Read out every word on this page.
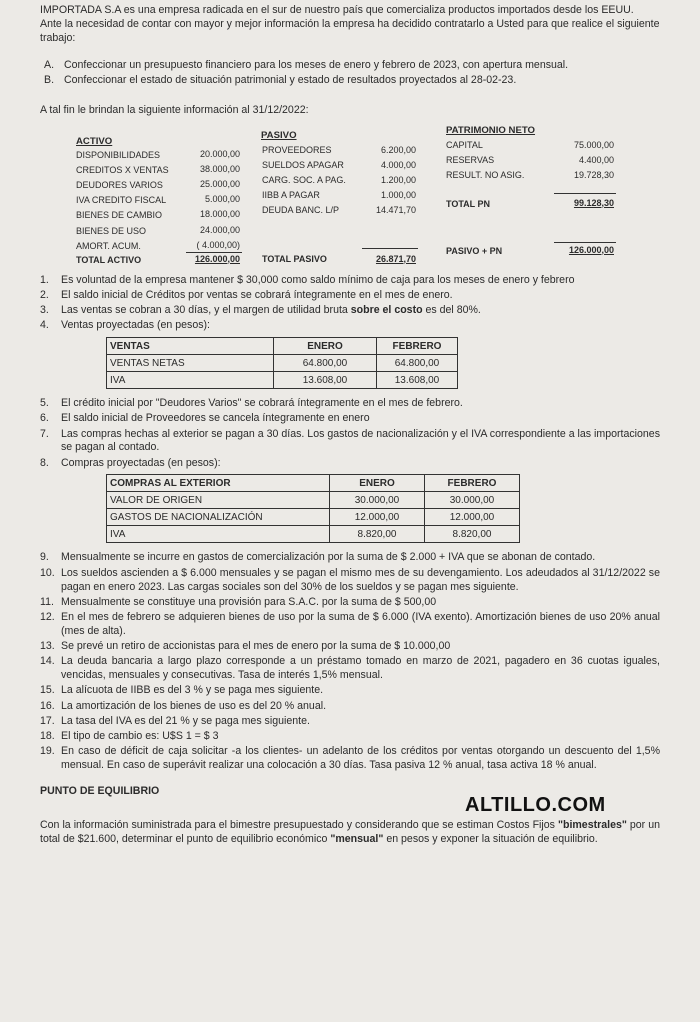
IMPORTADA S.A es una empresa radicada en el sur de nuestro país que comercializa productos importados desde los EEUU.

Ante la necesidad de contar con mayor y mejor información la empresa ha decidido contratarlo a Usted para que realice el siguiente trabajo:

A. Confeccionar un presupuesto financiero para los meses de enero y febrero de 2023, con apertura mensual.
B. Confeccionar el estado de situación patrimonial y estado de resultados proyectados al 28-02-23.

A tal fin le brindan la siguiente información al 31/12/2022:

ACTIVO
PASIVO	PATRIMONIO NETO
DISPONIBILIDADES	20.000,00
CREDITOS X VENTAS	38.000,00
DEUDORES VARIOS	25.000,00
IVA CREDITO FISCAL	5.000,00
BIENES DE CAMBIO	18.000,00
BIENES DE USO	24.000,00
AMORT. ACUM.	( 4.000,00)
TOTAL ACTIVO	126.000,00
PROVEEDORES	6.200,00
SUELDOS APAGAR	4.000,00
CARG. SOC. A PAG.	1.200,00
IIBB A PAGAR	1.000,00
DEUDA BANC. L/P	14.471,70
TOTAL PASIVO	26.871,70
CAPITAL	75.000,00
RESERVAS	4.400,00
RESULT. NO ASIG.	19.728,30
TOTAL PN	99.128,30
PASIVO + PN	126.000,00
1.	Es voluntad de la empresa mantener $ 30,000 como saldo mínimo de caja para los meses de enero y febrero
2.	El saldo inicial de Créditos por ventas se cobrará íntegramente en el mes de enero.
3.	Las ventas se cobran a 30 días, y el margen de utilidad bruta sobre el costo es del 80%.
4.	Ventas proyectadas (en pesos):
VENTAS	ENERO	FEBRERO
VENTAS NETAS	64.800,00	64.800,00
IVA	13.608,00	13.608,00
5.	El crédito inicial por "Deudores Varios" se cobrará íntegramente en el mes de febrero.
6.	El saldo inicial de Proveedores se cancela íntegramente en enero
7.	Las compras hechas al exterior se pagan a 30 días. Los gastos de nacionalización y el IVA correspondiente a las importaciones se pagan al contado.
8.	Compras proyectadas (en pesos):
COMPRAS AL EXTERIOR	ENERO	FEBRERO
VALOR DE ORIGEN	30.000,00	30.000,00
GASTOS DE NACIONALIZACIÓN	12.000,00	12.000,00
IVA	8.820,00	8.820,00
9.	Mensualmente se incurre en gastos de comercialización por la suma de $ 2.000 + IVA que se abonan de contado.
10. Los sueldos ascienden a $ 6.000 mensuales y se pagan el mismo mes de su devengamiento. Los adeudados al 31/12/2022 se pagan en enero 2023. Las cargas sociales son del 30% de los sueldos y se pagan mes siguiente.
11. Mensualmente se constituye una provisión para S.A.C. por la suma de $ 500,00
12. En el mes de febrero se adquieren bienes de uso por la suma de $ 6.000 (IVA exento). Amortización bienes de uso 20% anual (mes de alta).
13. Se prevé un retiro de accionistas para el mes de enero por la suma de $ 10.000,00
14. La deuda bancaria a largo plazo corresponde a un préstamo tomado en marzo de 2021, pagadero en 36 cuotas iguales, vencidas, mensuales y consecutivas. Tasa de interés 1,5% mensual.
15. La alícuota de IIBB es del 3 % y se paga mes siguiente.
16. La amortización de los bienes de uso es del 20 % anual.
17. La tasa del IVA es del 21 % y se paga mes siguiente.
18. El tipo de cambio es: U$S 1 = $ 3
19. En caso de déficit de caja solicitar -a los clientes- un adelanto de los créditos por ventas otorgando un descuento del 1,5% mensual. En caso de superávit realizar una colocación a 30 días. Tasa pasiva 12 % anual, tasa activa 18 % anual.
ALTILLO.COM

PUNTO DE EQUILIBRIO

Con la información suministrada para el bimestre presupuestado y considerando que se estiman Costos Fijos "bimestrales" por un total de $21.600, determinar el punto de equilibrio económico "mensual" en pesos y exponer la situación de equilibrio.
